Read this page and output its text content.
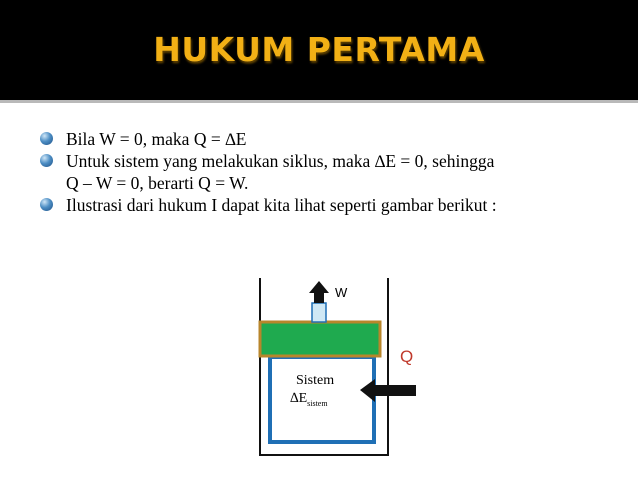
HUKUM PERTAMA
Bila W = 0, maka Q = ∆E
Untuk sistem yang melakukan siklus, maka ∆E = 0, sehingga
Q – W = 0, berarti Q = W.
Ilustrasi dari hukum I dapat kita lihat seperti gambar berikut :
W
Q
Sistem
$\Delta E_{sistem}$
